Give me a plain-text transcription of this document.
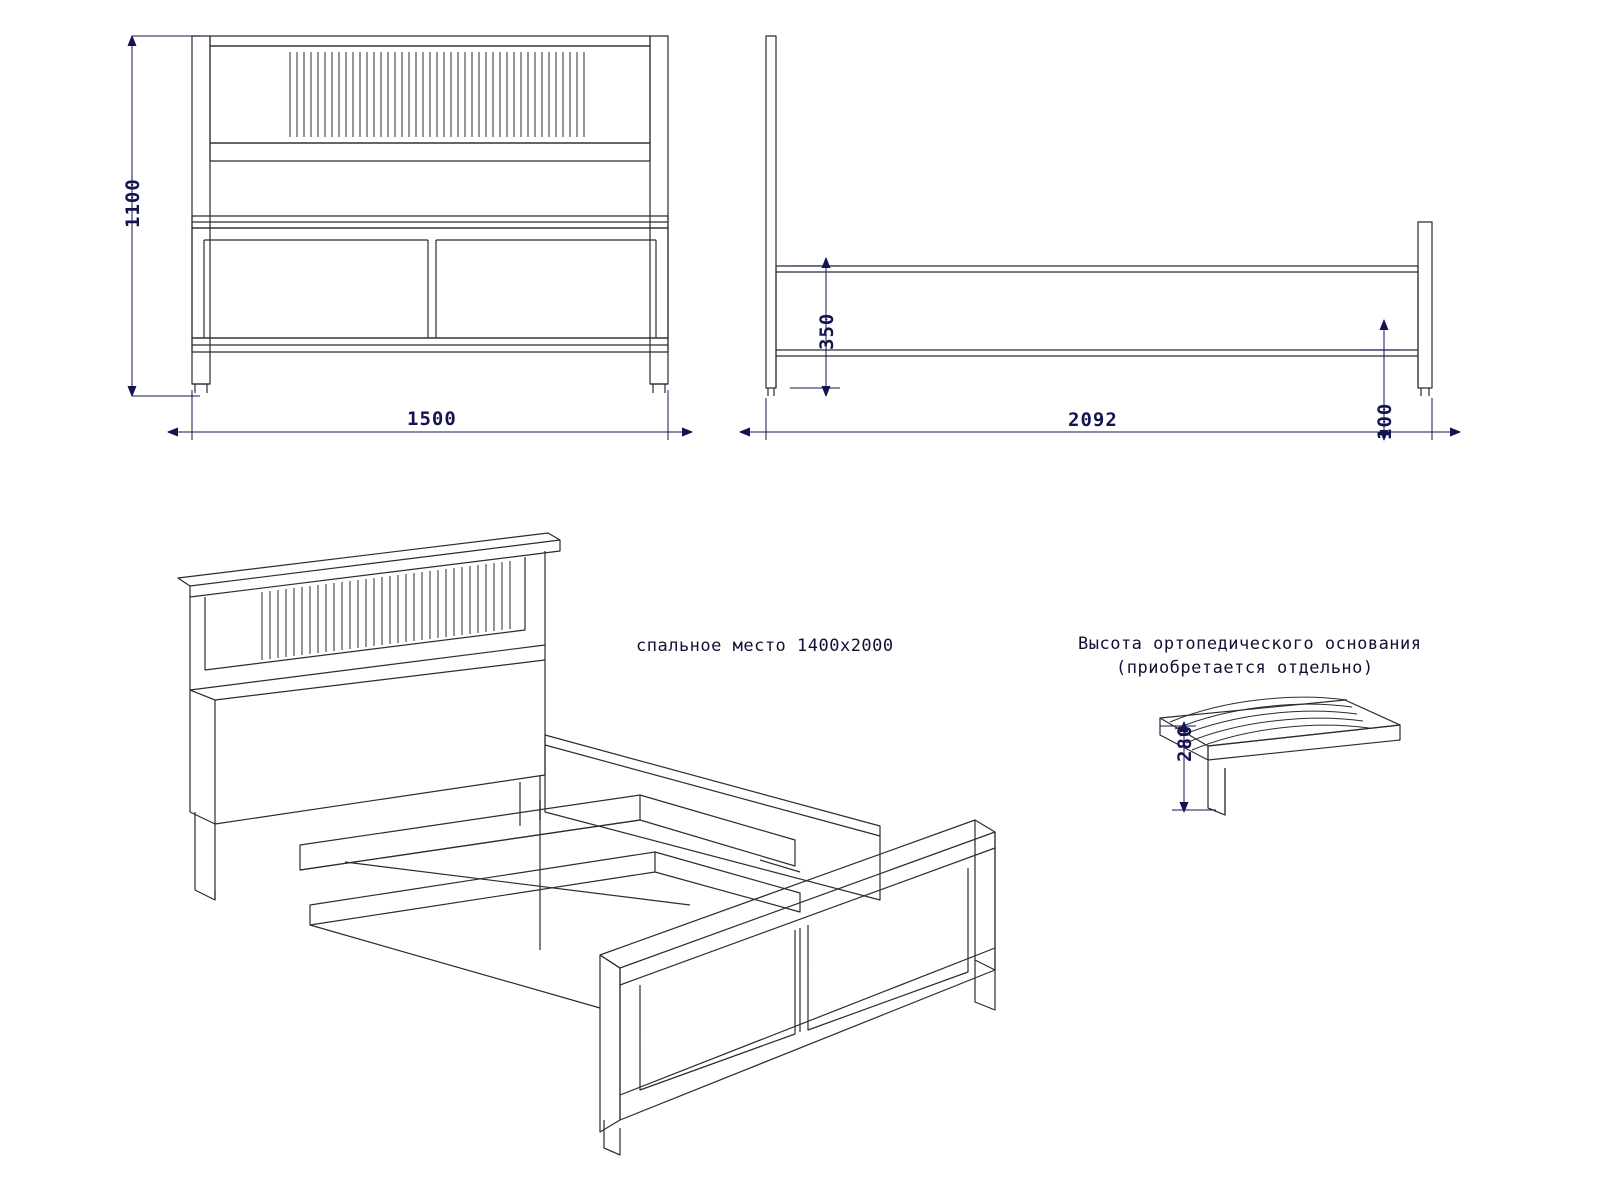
1100
1500
350
2092	100
спальное место 1400х2000	Высота ортопедического основания
(приобретается отдельно)
280
